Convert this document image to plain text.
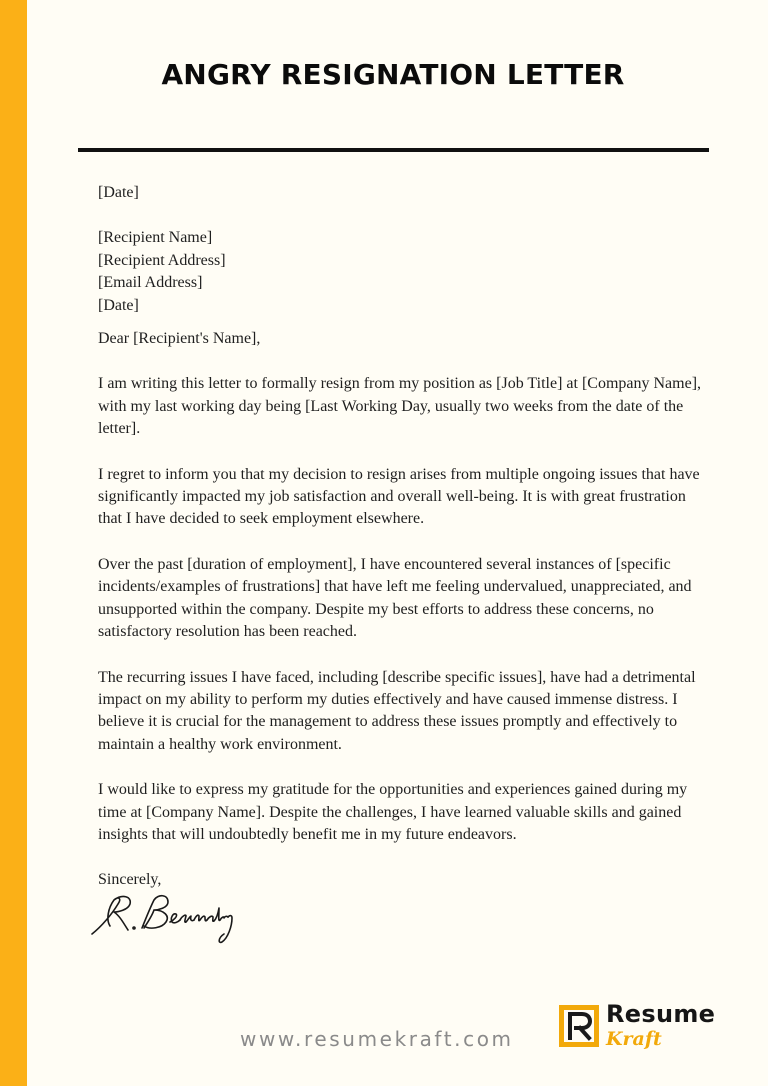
ANGRY RESIGNATION LETTER

[Date]

[Recipient Name]

[Recipient Address]

[Email Address]

[Date]

Dear [Recipient's Name],

I am writing this letter to formally resign from my position as [Job Title] at [Company Name], with my last working day being [Last Working Day, usually two weeks from the date of the letter].

I regret to inform you that my decision to resign arises from multiple ongoing issues that have significantly impacted my job satisfaction and overall well-being. It is with great frustration that I have decided to seek employment elsewhere.

Over the past [duration of employment], I have encountered several instances of [specific incidents/examples of frustrations] that have left me feeling undervalued, unappreciated, and unsupported within the company. Despite my best efforts to address these concerns, no satisfactory resolution has been reached.

The recurring issues I have faced, including [describe specific issues], have had a detrimental impact on my ability to perform my duties effectively and have caused immense distress. I believe it is crucial for the management to address these issues promptly and effectively to maintain a healthy work environment.

I would like to express my gratitude for the opportunities and experiences gained during my time at [Company Name]. Despite the challenges, I have learned valuable skills and gained insights that will undoubtedly benefit me in my future endeavors.

Sincerely,

www.resumekraft.com
Resume
Kraft
